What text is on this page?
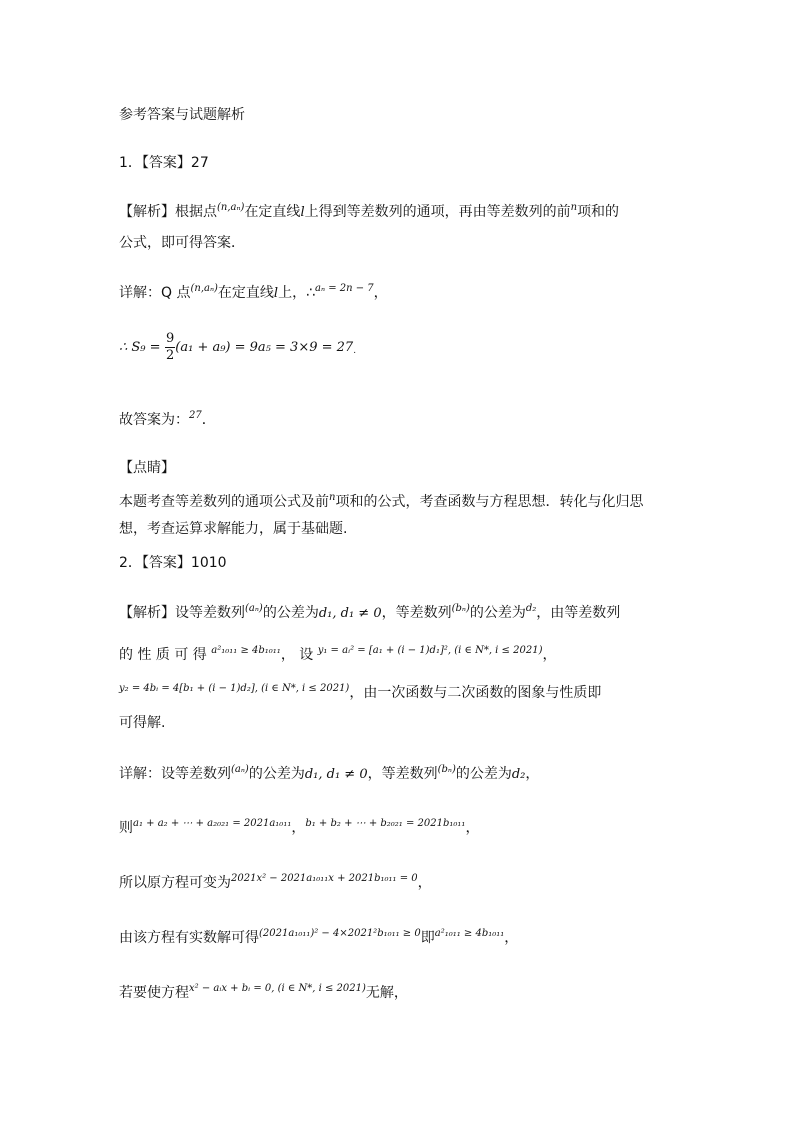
参考答案与试题解析
1．【答案】27
【解析】根据点$^{(n,a_n)}$在定直线l上得到等差数列的通项，再由等差数列的前$^n$项和的
公式，即可得答案．
详解：Q 点$^{(n,a_n)}$在定直线l上，∴$^{a_n = 2n - 7}$，
∴ $S_9 = \frac{9}{2} (a_1 + a_9) = 9a_5 = 3\times 9 = 27_.$
故答案为：$^{27}$．
【点睛】
本题考查等差数列的通项公式及前$^n$项和的公式，考查函数与方程思想．转化与化归思
想，考查运算求解能力，属于基础题.
2．【答案】1010
【解析】设等差数列$^{(a_n)}$的公差为d₁, d₁ ≠ 0，等差数列$^{(b_n)}$的公差为$^{d_2}$，由等差数列
的 性 质 可 得 $^{a^2_{1011} \ge 4b_{1011}}$， 设 $^{y_1 = aᵢ^2 = [a_1 + (i - 1)d_1]^2, (i \in N*, i \le 2021)}$，
$^{y_2 = 4bᵢ = 4[b_1 + (i - 1)d_2], (i \in N*, i \le 2021)}$，由一次函数与二次函数的图象与性质即
可得解.
详解：设等差数列$^{(a_n)}$的公差为d₁, d₁ ≠ 0，等差数列$^{(b_n)}$的公差为d₂，
则$^{a_1 + a_2 + \cdots + a_{2021} = 2021a_{1011}}$，$^{b_1 + b_2 + \cdots + b_{2021} = 2021b_{1011}}$，
所以原方程可变为$^{2021x^2 - 2021a_{1011}x + 2021b_{1011} = 0}$，
由该方程有实数解可得$^{(2021a_{1011})^2 - 4\times 2021^2b_{1011} \ge 0}$即$^{a^2_{1011} \ge 4b_{1011}}$，
若要使方程$^{x^2 - aᵢx + bᵢ = 0, (i \in N*, i \le 2021)}$无解，
